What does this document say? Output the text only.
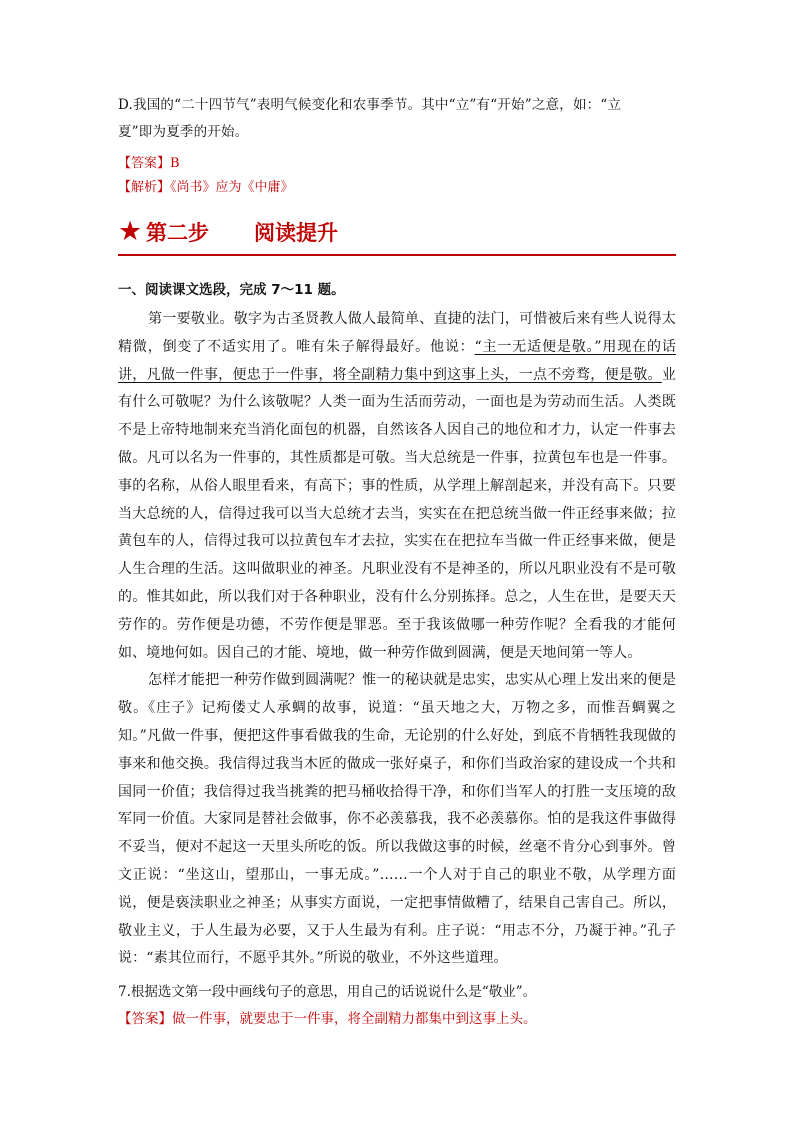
D.我国的“二十四节气”表明气候变化和农事季节。其中“立”有“开始”之意，如：“立

夏”即为夏季的开始。

【答案】B

【解析】《尚书》应为《中庸》

★ 第二步 阅读提升

一、阅读课文选段，完成 7～11 题。

第一要敬业。敬字为古圣贤教人做人最简单、直捷的法门，可惜被后来有些人说得太精微，倒变了不适实用了。唯有朱子解得最好。他说：“主一无适便是敬。”用现在的话讲，凡做一件事，便忠于一件事，将全副精力集中到这事上头，一点不旁骛，便是敬。业有什么可敬呢？为什么该敬呢？人类一面为生活而劳动，一面也是为劳动而生活。人类既不是上帝特地制来充当消化面包的机器，自然该各人因自己的地位和才力，认定一件事去做。凡可以名为一件事的，其性质都是可敬。当大总统是一件事，拉黄包车也是一件事。事的名称，从俗人眼里看来，有高下；事的性质，从学理上解剖起来，并没有高下。只要当大总统的人，信得过我可以当大总统才去当，实实在在把总统当做一件正经事来做；拉黄包车的人，信得过我可以拉黄包车才去拉，实实在在把拉车当做一件正经事来做，便是人生合理的生活。这叫做职业的神圣。凡职业没有不是神圣的，所以凡职业没有不是可敬的。惟其如此，所以我们对于各种职业，没有什么分别拣择。总之，人生在世，是要天天劳作的。劳作便是功德，不劳作便是罪恶。至于我该做哪一种劳作呢？全看我的才能何如、境地何如。因自己的才能、境地，做一种劳作做到圆满，便是天地间第一等人。

怎样才能把一种劳作做到圆满呢？惟一的秘诀就是忠实，忠实从心理上发出来的便是敬。《庄子》记痀偻丈人承蜩的故事，说道：“虽天地之大，万物之多，而惟吾蜩翼之知。”凡做一件事，便把这件事看做我的生命，无论别的什么好处，到底不肯牺牲我现做的事来和他交换。我信得过我当木匠的做成一张好桌子，和你们当政治家的建设成一个共和国同一价值；我信得过我当挑粪的把马桶收拾得干净，和你们当军人的打胜一支压境的敌军同一价值。大家同是替社会做事，你不必羡慕我，我不必羡慕你。怕的是我这件事做得不妥当，便对不起这一天里头所吃的饭。所以我做这事的时候，丝毫不肯分心到事外。曾文正说：“坐这山，望那山，一事无成。”……一个人对于自己的职业不敬，从学理方面说，便是亵渎职业之神圣；从事实方面说，一定把事情做糟了，结果自己害自己。所以，敬业主义，于人生最为必要，又于人生最为有利。庄子说：“用志不分，乃凝于神。”孔子说：“素其位而行，不愿乎其外。”所说的敬业，不外这些道理。

7.根据选文第一段中画线句子的意思，用自己的话说说什么是“敬业”。

【答案】做一件事，就要忠于一件事，将全副精力都集中到这事上头。
